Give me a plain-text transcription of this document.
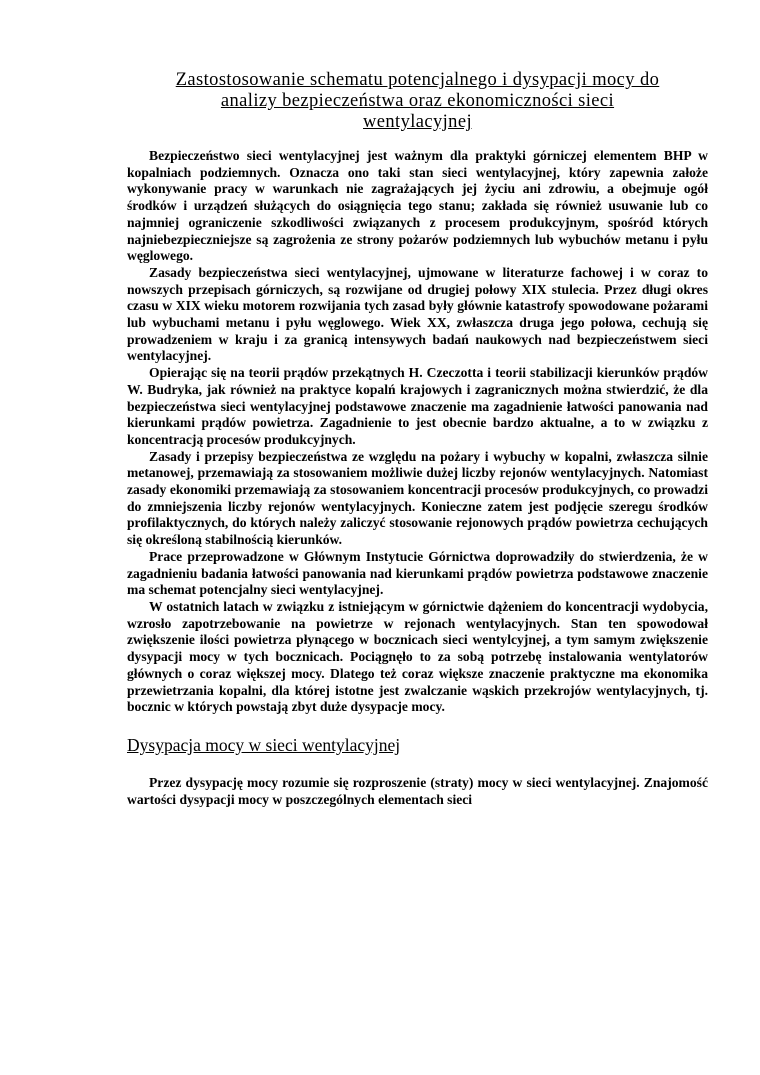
Zastostosowanie schematu potencjalnego i dysypacji mocy do
analizy bezpieczeństwa oraz ekonomiczności sieci
wentylacyjnej

Bezpieczeństwo sieci wentylacyjnej jest ważnym dla praktyki górniczej elementem BHP w kopalniach podziemnych. Oznacza ono taki stan sieci wentylacyjnej, który zapewnia założe wykonywanie pracy w warunkach nie zagrażających jej życiu ani zdrowiu, a obejmuje ogół środków i urządzeń służących do osiągnięcia tego stanu; zakłada się również usuwanie lub co najmniej ograniczenie szkodliwości związanych z procesem produkcyjnym, spośród których najniebezpieczniejsze są zagrożenia ze strony pożarów podziemnych lub wybuchów metanu i pyłu węglowego.

Zasady bezpieczeństwa sieci wentylacyjnej, ujmowane w literaturze fachowej i w coraz to nowszych przepisach górniczych, są rozwijane od drugiej połowy XIX stulecia. Przez długi okres czasu w XIX wieku motorem rozwijania tych zasad były głównie katastrofy spowodowane pożarami lub wybuchami metanu i pyłu węglowego. Wiek XX, zwłaszcza druga jego połowa, cechują się prowadzeniem w kraju i za granicą intensywych badań naukowych nad bezpieczeństwem sieci wentylacyjnej.

Opierając się na teorii prądów przekątnych H. Czeczotta i teorii stabilizacji kierunków prądów W. Budryka, jak również na praktyce kopalń krajowych i zagranicznych można stwierdzić, że dla bezpieczeństwa sieci wentylacyjnej podstawowe znaczenie ma zagadnienie łatwości panowania nad kierunkami prądów powietrza. Zagadnienie to jest obecnie bardzo aktualne, a to w związku z koncentracją procesów produkcyjnych.

Zasady i przepisy bezpieczeństwa ze względu na pożary i wybuchy w kopalni, zwłaszcza silnie metanowej, przemawiają za stosowaniem możliwie dużej liczby rejonów wentylacyjnych. Natomiast zasady ekonomiki przemawiają za stosowaniem koncentracji procesów produkcyjnych, co prowadzi do zmniejszenia liczby rejonów wentylacyjnych. Konieczne zatem jest podjęcie szeregu środków profilaktycznych, do których należy zaliczyć stosowanie rejonowych prądów powietrza cechujących się określoną stabilnością kierunków.

Prace przeprowadzone w Głównym Instytucie Górnictwa doprowadziły do stwierdzenia, że w zagadnieniu badania łatwości panowania nad kierunkami prądów powietrza podstawowe znaczenie ma schemat potencjalny sieci wentylacyjnej.

W ostatnich latach w związku z istniejącym w górnictwie dążeniem do koncentracji wydobycia, wzrosło zapotrzebowanie na powietrze w rejonach wentylacyjnych. Stan ten spowodował zwiększenie ilości powietrza płynącego w bocznicach sieci wentylcyjnej, a tym samym zwiększenie dysypacji mocy w tych bocznicach. Pociągnęło to za sobą potrzebę instalowania wentylatorów głównych o coraz większej mocy. Dlatego też coraz większe znaczenie praktyczne ma ekonomika przewietrzania kopalni, dla której istotne jest zwalczanie wąskich przekrojów wentylacyjnych, tj. bocznic w których powstają zbyt duże dysypacje mocy.

Dysypacja mocy w sieci wentylacyjnej

Przez dysypację mocy rozumie się rozproszenie (straty) mocy w sieci wentylacyjnej. Znajomość wartości dysypacji mocy w poszczególnych elementach sieci
